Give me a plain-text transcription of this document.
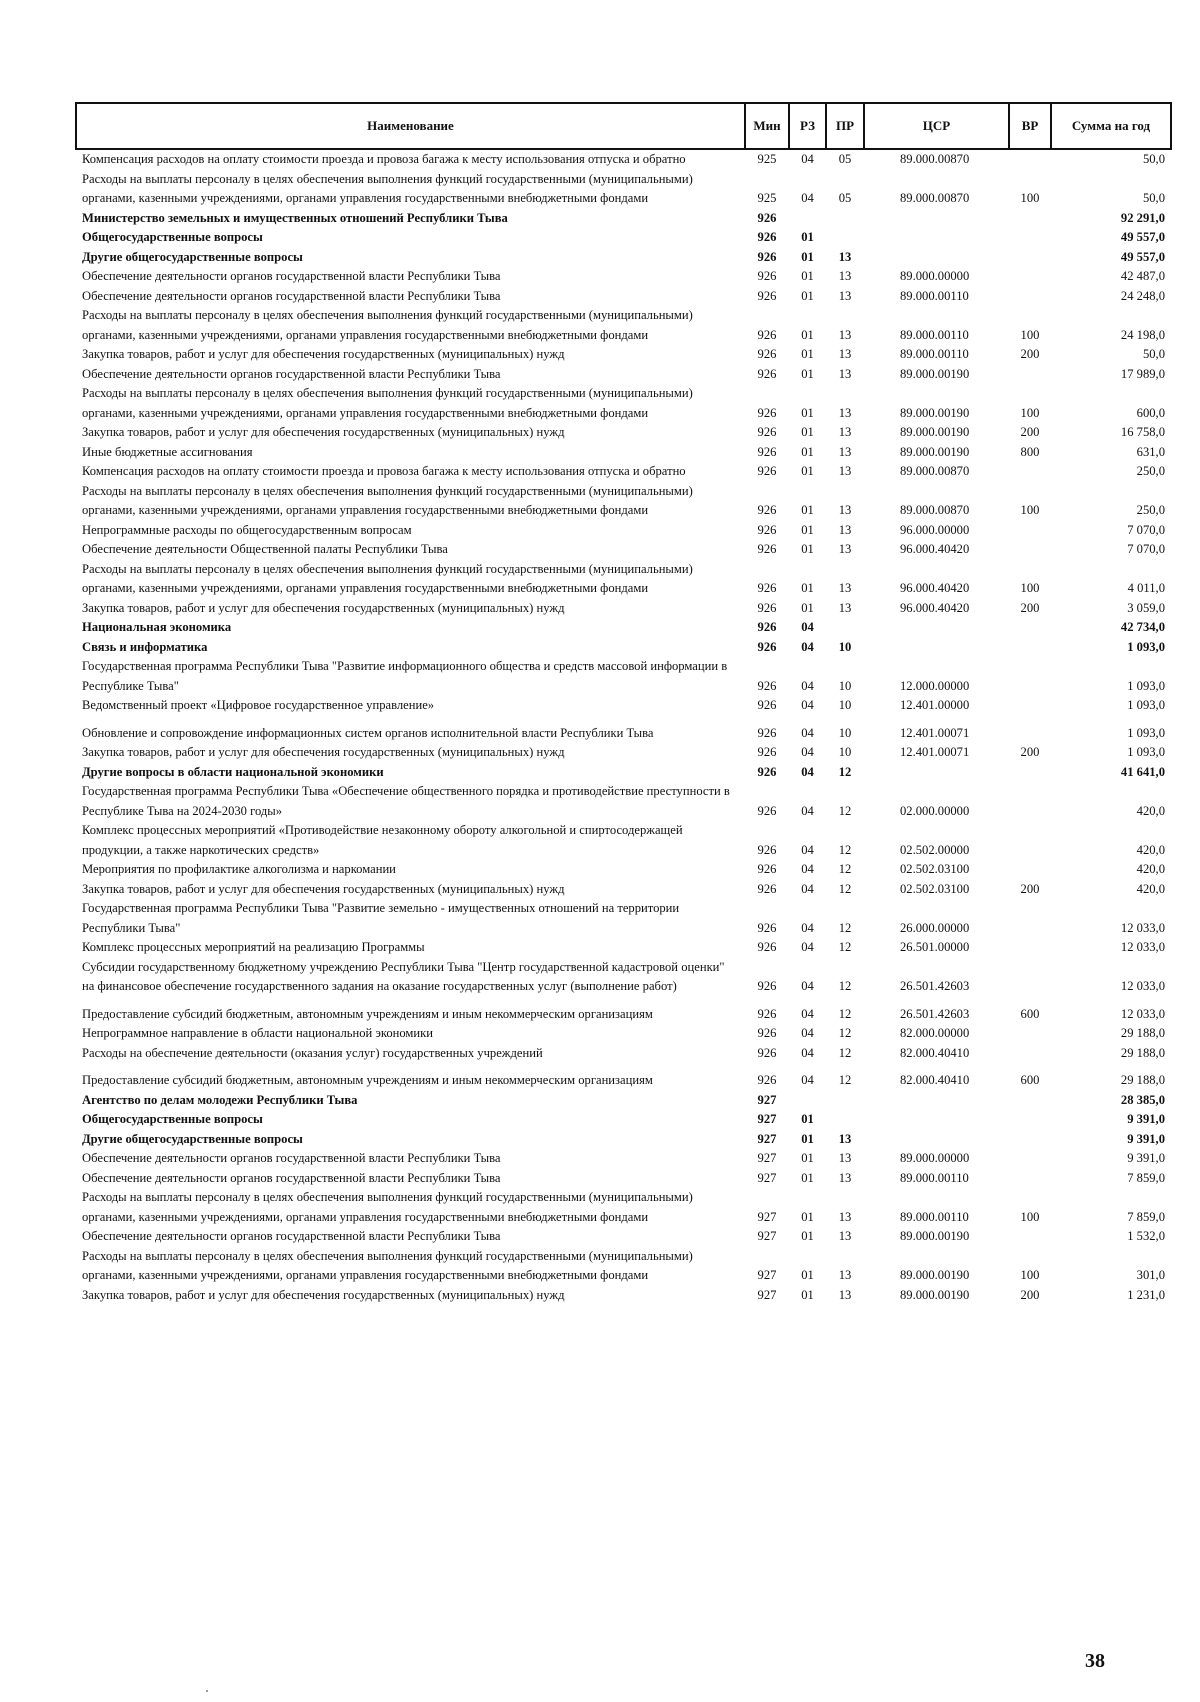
Наименование	Мин	РЗ	ПР	ЦСР	ВР	Сумма на год
Компенсация расходов на оплату стоимости проезда и провоза багажа к месту использования отпуска и обратно	925	04	05	89.000.00870		50,0
Расходы на выплаты персоналу в целях обеспечения выполнения функций государственными (муниципальными) органами, казенными учреждениями, органами управления государственными внебюджетными фондами	925	04	05	89.000.00870	100	50,0
Министерство земельных и имущественных отношений Республики Тыва	926					92 291,0
Общегосударственные вопросы	926	01				49 557,0
Другие общегосударственные вопросы	926	01	13			49 557,0
Обеспечение деятельности органов государственной власти Республики Тыва	926	01	13	89.000.00000		42 487,0
Обеспечение деятельности органов государственной власти Республики Тыва	926	01	13	89.000.00110		24 248,0
Расходы на выплаты персоналу в целях обеспечения выполнения функций государственными (муниципальными) органами, казенными учреждениями, органами управления государственными внебюджетными фондами	926	01	13	89.000.00110	100	24 198,0
Закупка товаров, работ и услуг для обеспечения государственных (муниципальных) нужд	926	01	13	89.000.00110	200	50,0
Обеспечение деятельности органов государственной власти Республики Тыва	926	01	13	89.000.00190		17 989,0
Расходы на выплаты персоналу в целях обеспечения выполнения функций государственными (муниципальными) органами, казенными учреждениями, органами управления государственными внебюджетными фондами	926	01	13	89.000.00190	100	600,0
Закупка товаров, работ и услуг для обеспечения государственных (муниципальных) нужд	926	01	13	89.000.00190	200	16 758,0
Иные бюджетные ассигнования	926	01	13	89.000.00190	800	631,0
Компенсация расходов на оплату стоимости проезда и провоза багажа к месту использования отпуска и обратно	926	01	13	89.000.00870		250,0
Расходы на выплаты персоналу в целях обеспечения выполнения функций государственными (муниципальными) органами, казенными учреждениями, органами управления государственными внебюджетными фондами	926	01	13	89.000.00870	100	250,0
Непрограммные расходы по общегосударственным вопросам	926	01	13	96.000.00000		7 070,0
Обеспечение деятельности Общественной палаты Республики Тыва	926	01	13	96.000.40420		7 070,0
Расходы на выплаты персоналу в целях обеспечения выполнения функций государственными (муниципальными) органами, казенными учреждениями, органами управления государственными внебюджетными фондами	926	01	13	96.000.40420	100	4 011,0
Закупка товаров, работ и услуг для обеспечения государственных (муниципальных) нужд	926	01	13	96.000.40420	200	3 059,0
Национальная экономика	926	04				42 734,0
Связь и информатика	926	04	10			1 093,0
Государственная программа Республики Тыва "Развитие информационного общества и средств массовой информации в Республике Тыва"	926	04	10	12.000.00000		1 093,0
Ведомственный проект «Цифровое государственное управление»	926	04	10	12.401.00000		1 093,0
Обновление и сопровождение информационных систем органов исполнительной власти Республики Тыва	926	04	10	12.401.00071		1 093,0
Закупка товаров, работ и услуг для обеспечения государственных (муниципальных) нужд	926	04	10	12.401.00071	200	1 093,0
Другие вопросы в области национальной экономики	926	04	12			41 641,0
Государственная программа Республики Тыва «Обеспечение общественного порядка и противодействие преступности в Республике Тыва на 2024-2030 годы»	926	04	12	02.000.00000		420,0
Комплекс процессных мероприятий «Противодействие незаконному обороту алкогольной и спиртосодержащей продукции, а также наркотических средств»	926	04	12	02.502.00000		420,0
Мероприятия по профилактике алкоголизма и наркомании	926	04	12	02.502.03100		420,0
Закупка товаров, работ и услуг для обеспечения государственных (муниципальных) нужд	926	04	12	02.502.03100	200	420,0
Государственная программа Республики Тыва "Развитие земельно - имущественных отношений на территории Республики Тыва"	926	04	12	26.000.00000		12 033,0
Комплекс процессных мероприятий на реализацию Программы	926	04	12	26.501.00000		12 033,0
Субсидии государственному бюджетному учреждению Республики Тыва "Центр государственной кадастровой оценки" на финансовое обеспечение государственного задания на оказание государственных услуг (выполнение работ)	926	04	12	26.501.42603		12 033,0
Предоставление субсидий бюджетным, автономным учреждениям и иным некоммерческим организациям	926	04	12	26.501.42603	600	12 033,0
Непрограммное направление в области национальной экономики	926	04	12	82.000.00000		29 188,0
Расходы на обеспечение деятельности (оказания услуг) государственных учреждений	926	04	12	82.000.40410		29 188,0
Предоставление субсидий бюджетным, автономным учреждениям и иным некоммерческим организациям	926	04	12	82.000.40410	600	29 188,0
Агентство по делам молодежи Республики Тыва	927					28 385,0
Общегосударственные вопросы	927	01				9 391,0
Другие общегосударственные вопросы	927	01	13			9 391,0
Обеспечение деятельности органов государственной власти Республики Тыва	927	01	13	89.000.00000		9 391,0
Обеспечение деятельности органов государственной власти Республики Тыва	927	01	13	89.000.00110		7 859,0
Расходы на выплаты персоналу в целях обеспечения выполнения функций государственными (муниципальными) органами, казенными учреждениями, органами управления государственными внебюджетными фондами	927	01	13	89.000.00110	100	7 859,0
Обеспечение деятельности органов государственной власти Республики Тыва	927	01	13	89.000.00190		1 532,0
Расходы на выплаты персоналу в целях обеспечения выполнения функций государственными (муниципальными) органами, казенными учреждениями, органами управления государственными внебюджетными фондами	927	01	13	89.000.00190	100	301,0
Закупка товаров, работ и услуг для обеспечения государственных (муниципальных) нужд	927	01	13	89.000.00190	200	1 231,0
38
